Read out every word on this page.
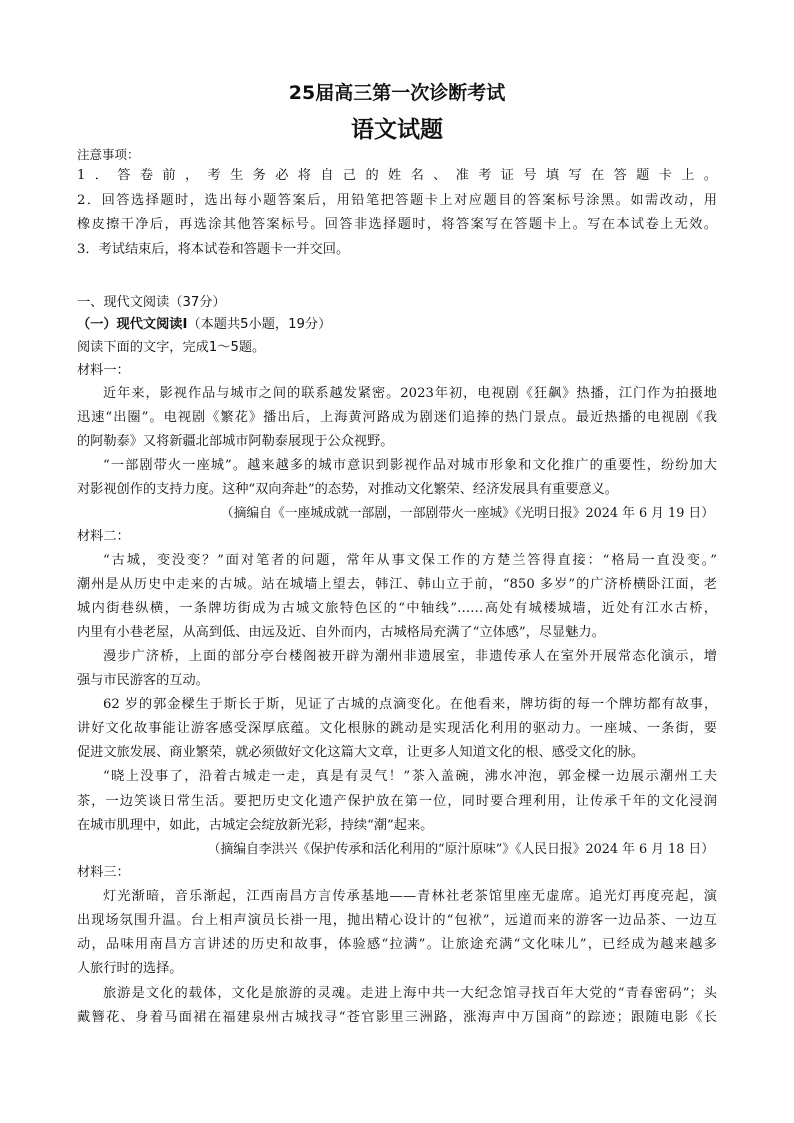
25届高三第一次诊断考试
语文试题
注意事项：
1．答卷前，考生务必将自己的姓名、准考证号填写在答题卡上。
2．回答选择题时，选出每小题答案后，用铅笔把答题卡上对应题目的答案标号涂黑。如需改动，用
橡皮擦干净后，再选涂其他答案标号。回答非选择题时，将答案写在答题卡上。写在本试卷上无效。
3．考试结束后，将本试卷和答题卡一并交回。
一、现代文阅读（37分）
（一）现代文阅读Ⅰ（本题共5小题，19分）
阅读下面的文字，完成1～5题。
材料一：
近年来，影视作品与城市之间的联系越发紧密。2023年初，电视剧《狂飙》热播，江门作为拍摄地
迅速“出圈”。电视剧《繁花》播出后，上海黄河路成为剧迷们追捧的热门景点。最近热播的电视剧《我
的阿勒泰》又将新疆北部城市阿勒泰展现于公众视野。
“一部剧带火一座城”。越来越多的城市意识到影视作品对城市形象和文化推广的重要性，纷纷加大
对影视创作的支持力度。这种“双向奔赴”的态势，对推动文化繁荣、经济发展具有重要意义。
（摘编自《一座城成就一部剧，一部剧带火一座城》《光明日报》2024 年 6 月 19 日）
材料二：
“古城，变没变？”面对笔者的问题，常年从事文保工作的方楚兰答得直接：“格局一直没变。”
潮州是从历史中走来的古城。站在城墙上望去，韩江、韩山立于前，“850 多岁”的广济桥横卧江面，老
城内街巷纵横，一条牌坊街成为古城文旅特色区的“中轴线”……高处有城楼城墙，近处有江水古桥，
内里有小巷老屋，从高到低、由远及近、自外而内，古城格局充满了“立体感”，尽显魅力。
漫步广济桥，上面的部分亭台楼阁被开辟为潮州非遗展室，非遗传承人在室外开展常态化演示，增
强与市民游客的互动。
62 岁的郭金樑生于斯长于斯，见证了古城的点滴变化。在他看来，牌坊街的每一个牌坊都有故事，
讲好文化故事能让游客感受深厚底蕴。文化根脉的跳动是实现活化利用的驱动力。一座城、一条街，要
促进文旅发展、商业繁荣，就必须做好文化这篇大文章，让更多人知道文化的根、感受文化的脉。
“晓上没事了，沿着古城走一走，真是有灵气！”茶入盖碗，沸水冲泡，郭金樑一边展示潮州工夫
茶，一边笑谈日常生活。要把历史文化遗产保护放在第一位，同时要合理利用，让传承千年的文化浸润
在城市肌理中，如此，古城定会绽放新光彩，持续“潮”起来。
（摘编自李洪兴《保护传承和活化利用的“原汁原味”》《人民日报》2024 年 6 月 18 日）
材料三：
灯光渐暗，音乐渐起，江西南昌方言传承基地——青林社老茶馆里座无虚席。追光灯再度亮起，演
出现场氛围升温。台上相声演员长褂一甩，抛出精心设计的“包袱”，远道而来的游客一边品茶、一边互
动，品味用南昌方言讲述的历史和故事，体验感“拉满”。让旅途充满“文化味儿”，已经成为越来越多
人旅行时的选择。
旅游是文化的载体，文化是旅游的灵魂。走进上海中共一大纪念馆寻找百年大党的“青春密码”；头
戴簪花、身着马面裙在福建泉州古城找寻“苍官影里三洲路，涨海声中万国商”的踪迹；跟随电影《长
